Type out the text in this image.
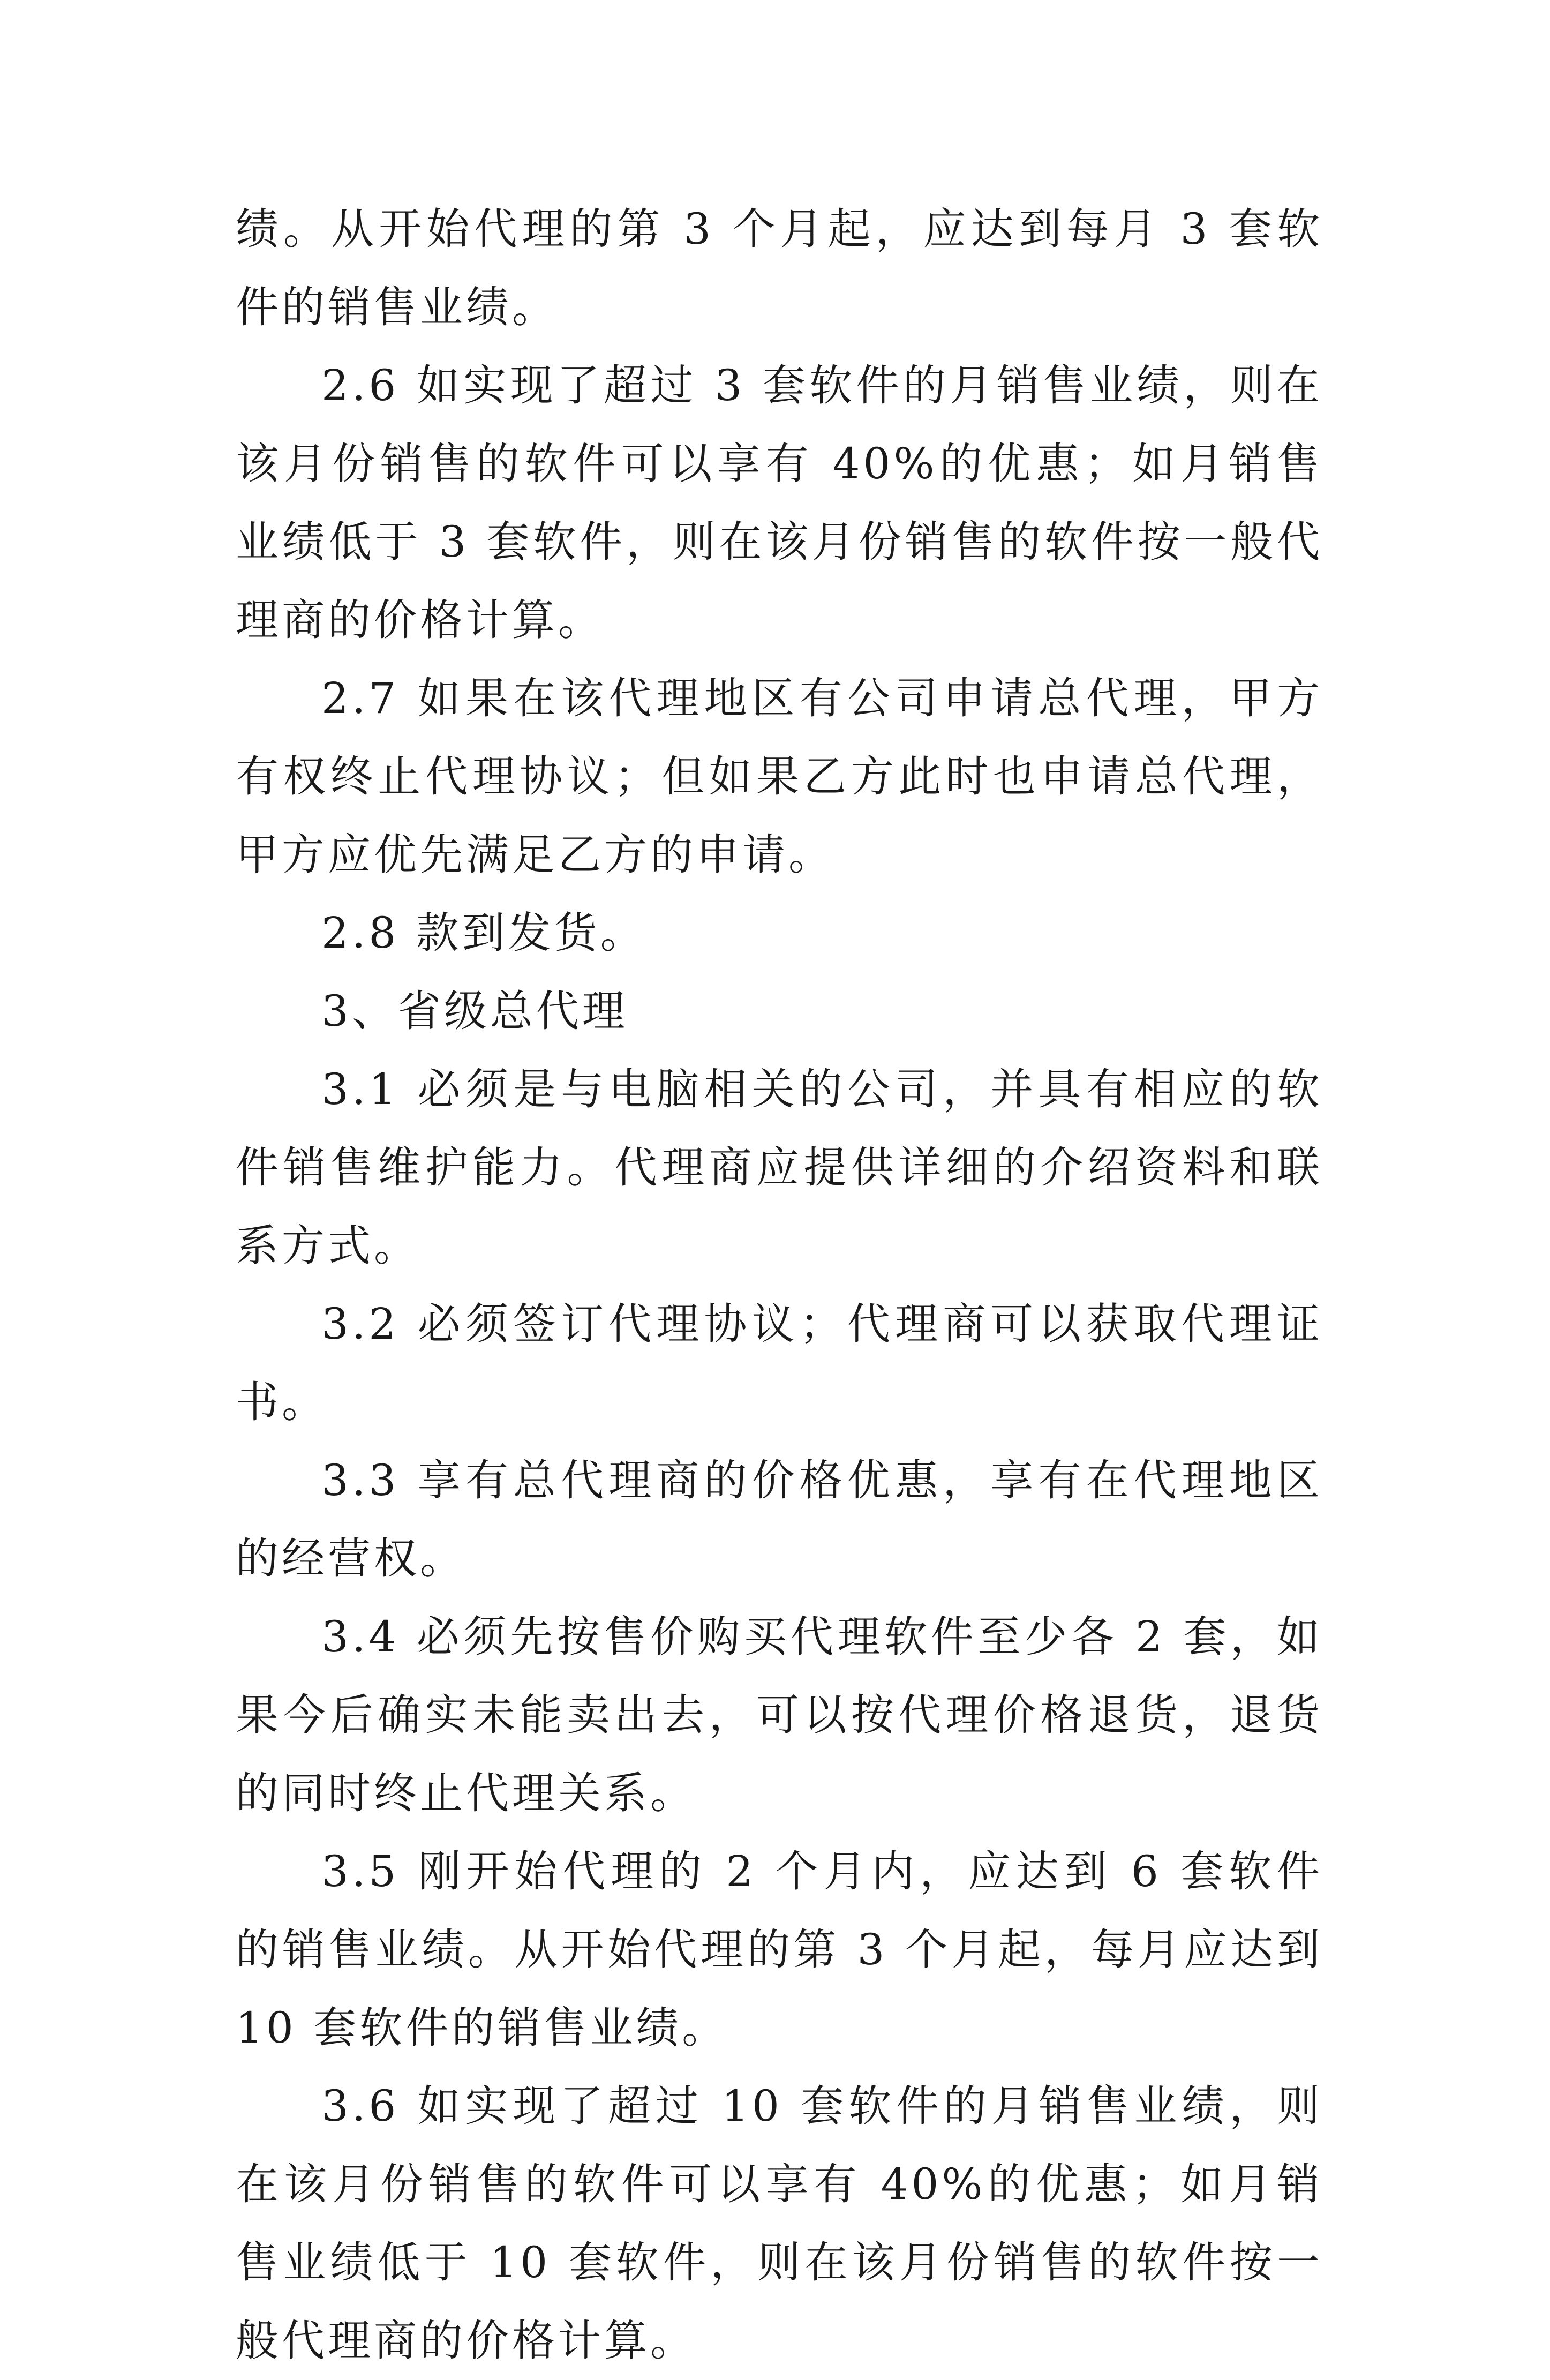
绩。从开始代理的第 3 个月起，应达到每月 3 套软件的销售业绩。

2.6 如实现了超过 3 套软件的月销售业绩，则在该月份销售的软件可以享有 40%的优惠；如月销售业绩低于 3 套软件，则在该月份销售的软件按一般代理商的价格计算。

2.7 如果在该代理地区有公司申请总代理，甲方有权终止代理协议；但如果乙方此时也申请总代理，甲方应优先满足乙方的申请。

2.8 款到发货。

3、省级总代理

3.1 必须是与电脑相关的公司，并具有相应的软件销售维护能力。代理商应提供详细的介绍资料和联系方式。

3.2 必须签订代理协议；代理商可以获取代理证书。

3.3 享有总代理商的价格优惠，享有在代理地区的经营权。

3.4 必须先按售价购买代理软件至少各 2 套，如果今后确实未能卖出去，可以按代理价格退货，退货的同时终止代理关系。

3.5 刚开始代理的 2 个月内，应达到 6 套软件的销售业绩。从开始代理的第 3 个月起，每月应达到 10 套软件的销售业绩。

3.6 如实现了超过 10 套软件的月销售业绩，则在该月份销售的软件可以享有 40%的优惠；如月销售业绩低于 10 套软件，则在该月份销售的软件按一般代理商的价格计算。
